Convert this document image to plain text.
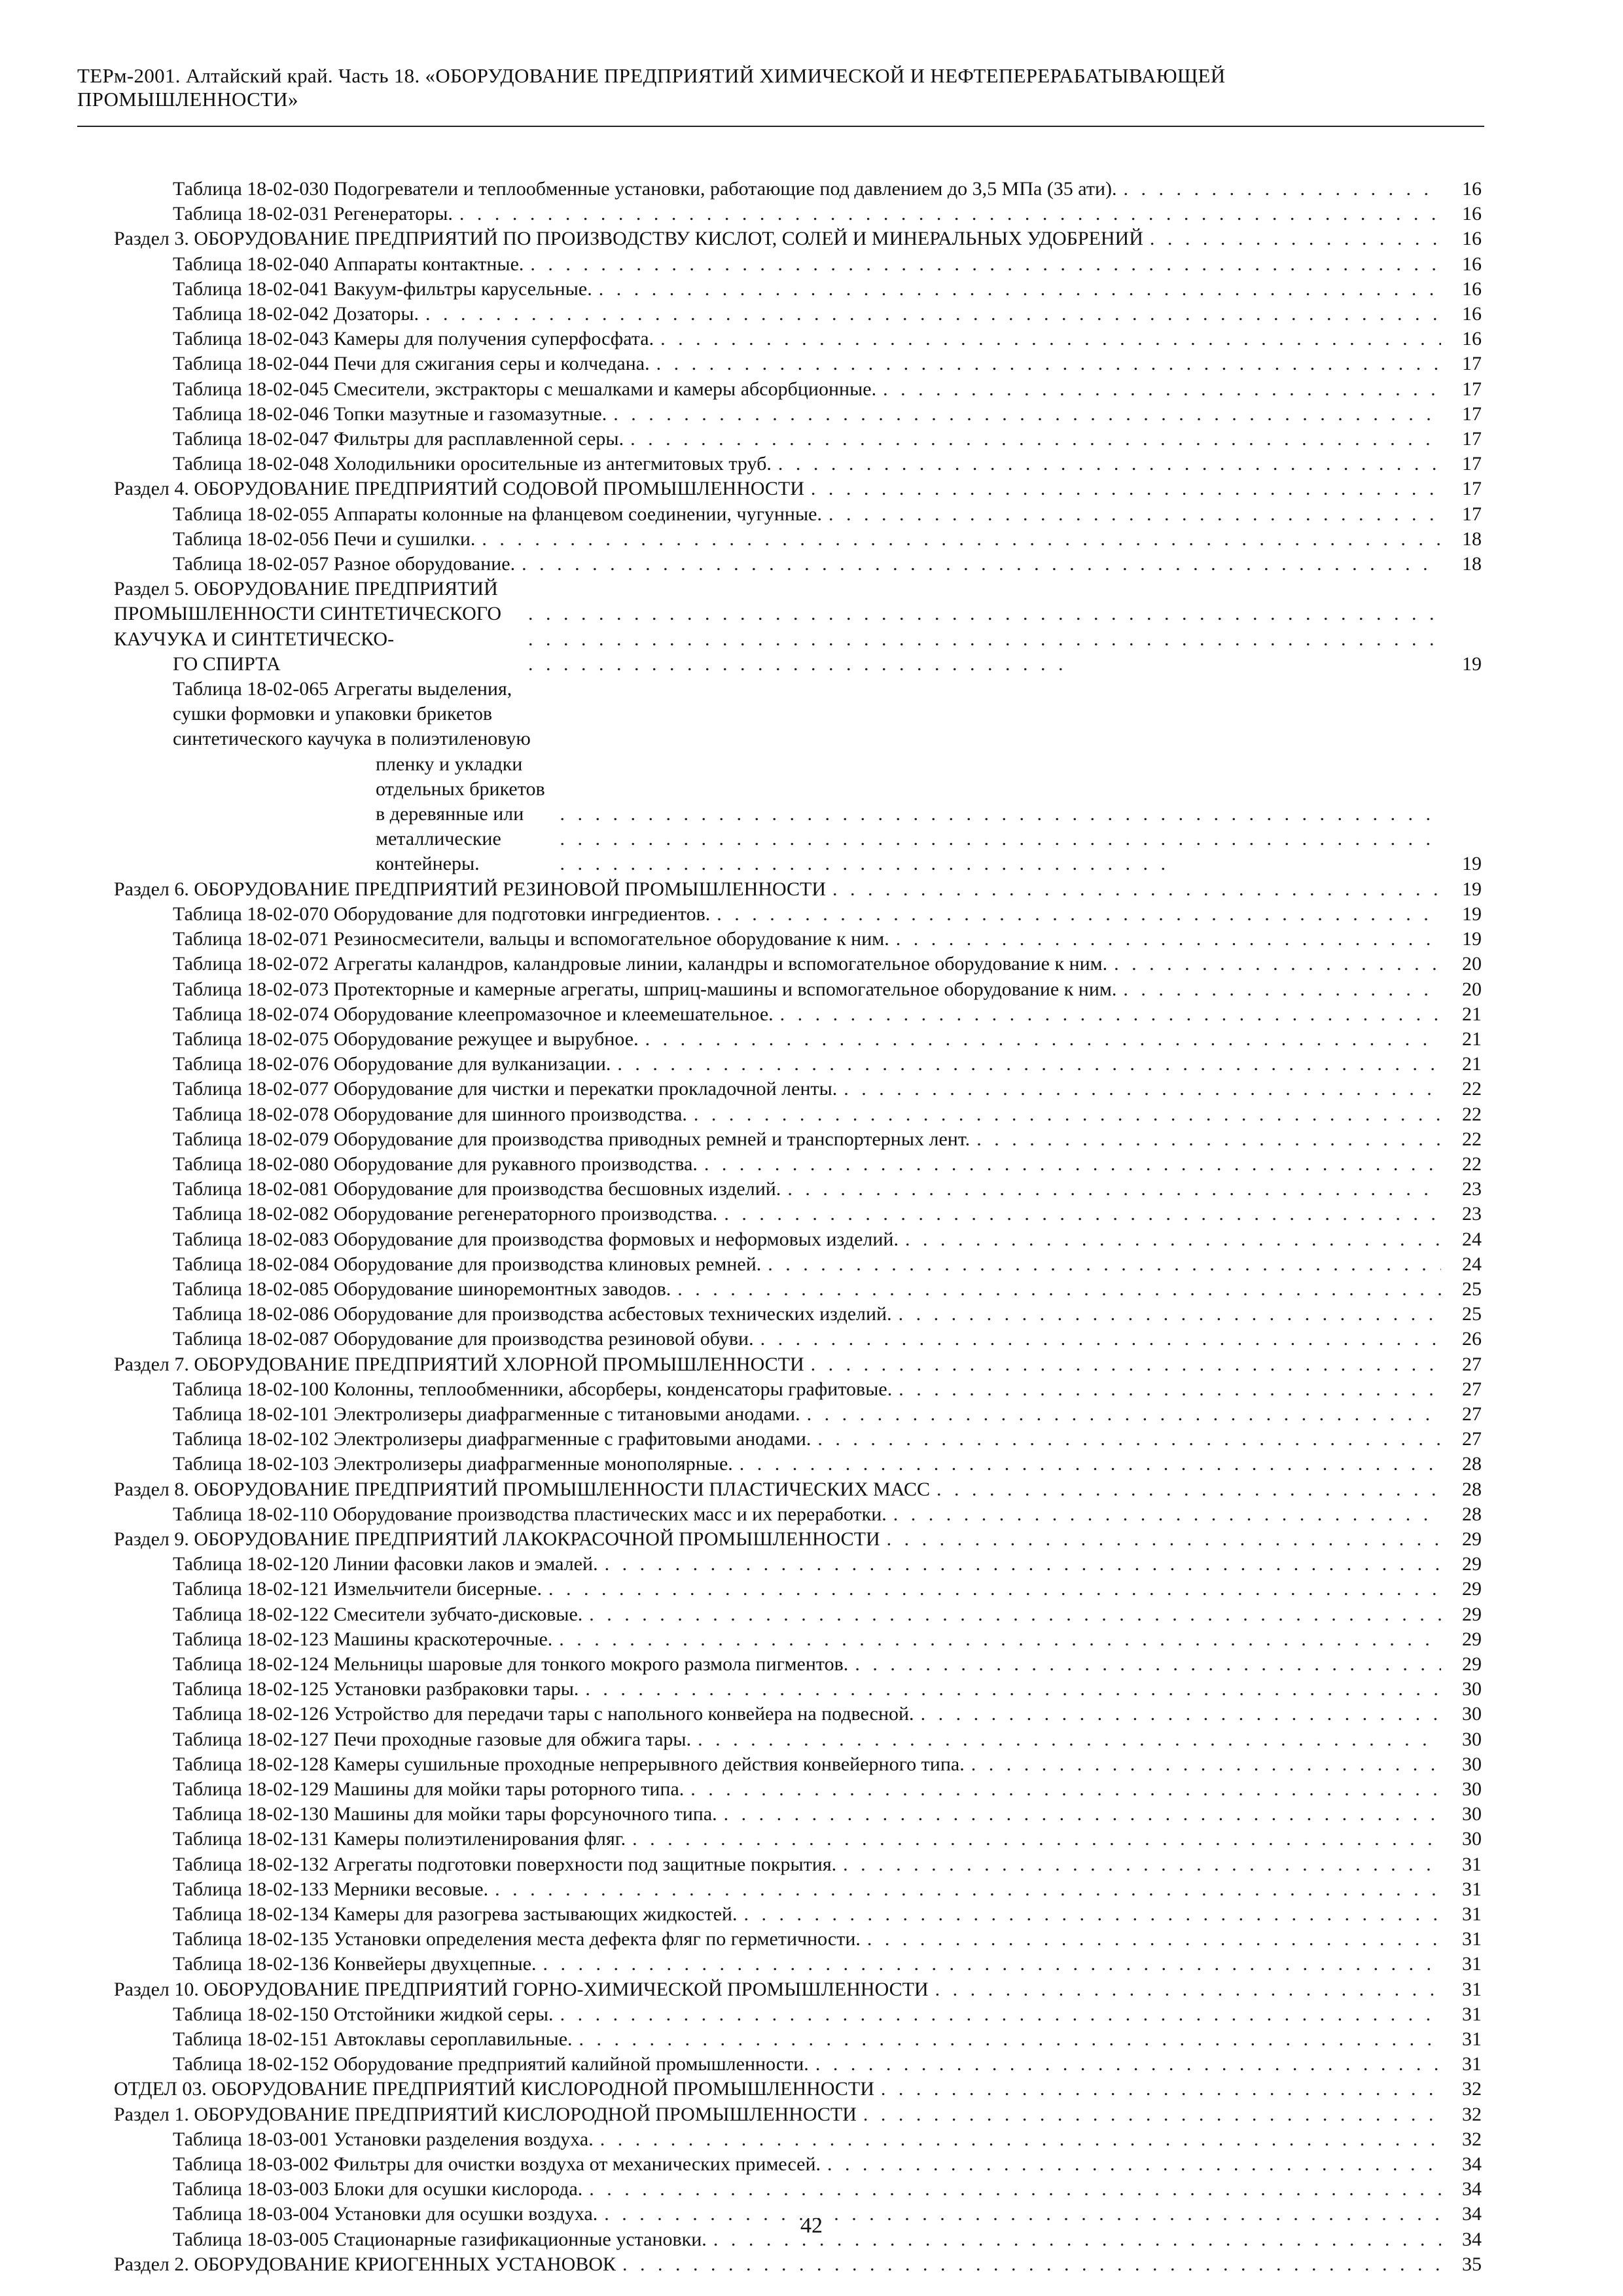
ТЕРм-2001. Алтайский край. Часть 18. «ОБОРУДОВАНИЕ ПРЕДПРИЯТИЙ ХИМИЧЕСКОЙ И НЕФТЕПЕРЕРАБАТЫВАЮЩЕЙ
ПРОМЫШЛЕННОСТИ»
Таблица 18-02-030 Подогреватели и теплообменные установки, работающие под давлением до 3,5 МПа (35 ати). . . .	16
Таблица 18-02-031 Регенераторы. . . .	16
Раздел 3. ОБОРУДОВАНИЕ ПРЕДПРИЯТИЙ ПО ПРОИЗВОДСТВУ КИСЛОТ, СОЛЕЙ И МИНЕРАЛЬНЫХ УДОБРЕНИЙ . . .	16
Таблица 18-02-040 Аппараты контактные. . . .	16
Таблица 18-02-041 Вакуум-фильтры карусельные. . . .	16
Таблица 18-02-042 Дозаторы. . . .	16
Таблица 18-02-043 Камеры для получения суперфосфата. . . .	16
Таблица 18-02-044 Печи для сжигания серы и колчедана. . . .	17
Таблица 18-02-045 Смесители, экстракторы с мешалками и камеры абсорбционные. . . .	17
Таблица 18-02-046 Топки мазутные и газомазутные. . . .	17
Таблица 18-02-047 Фильтры для расплавленной серы. . . .	17
Таблица 18-02-048 Холодильники оросительные из антегмитовых труб. . . .	17
Раздел 4. ОБОРУДОВАНИЕ ПРЕДПРИЯТИЙ СОДОВОЙ ПРОМЫШЛЕННОСТИ . . .	17
Таблица 18-02-055 Аппараты колонные на фланцевом соединении, чугунные. . . .	17
Таблица 18-02-056 Печи и сушилки. . . .	18
Таблица 18-02-057 Разное оборудование. . . .	18
Раздел 5. ОБОРУДОВАНИЕ ПРЕДПРИЯТИЙ ПРОМЫШЛЕННОСТИ СИНТЕТИЧЕСКОГО КАУЧУКА И СИНТЕТИЧЕСКО-
ГО СПИРТА . . .	19
Таблица 18-02-065 Агрегаты выделения, сушки формовки и упаковки брикетов синтетического каучука в полиэтиленовую
пленку и укладки отдельных брикетов в деревянные или металлические контейнеры. . . .	19
Раздел 6. ОБОРУДОВАНИЕ ПРЕДПРИЯТИЙ РЕЗИНОВОЙ ПРОМЫШЛЕННОСТИ . . .	19
Таблица 18-02-070 Оборудование для подготовки ингредиентов. . . .	19
Таблица 18-02-071 Резиносмесители, вальцы и вспомогательное оборудование к ним. . . .	19
Таблица 18-02-072 Агрегаты каландров, каландровые линии, каландры и вспомогательное оборудование к ним. . . .	20
Таблица 18-02-073 Протекторные и камерные агрегаты, шприц-машины и вспомогательное оборудование к ним. . . .	20
Таблица 18-02-074 Оборудование клеепромазочное и клеемешательное. . . .	21
Таблица 18-02-075 Оборудование режущее и вырубное. . . .	21
Таблица 18-02-076 Оборудование для вулканизации. . . .	21
Таблица 18-02-077 Оборудование для чистки и перекатки прокладочной ленты. . . .	22
Таблица 18-02-078 Оборудование для шинного производства. . . .	22
Таблица 18-02-079 Оборудование для производства приводных ремней и транспортерных лент. . . .	22
Таблица 18-02-080 Оборудование для рукавного производства. . . .	22
Таблица 18-02-081 Оборудование для производства бесшовных изделий. . . .	23
Таблица 18-02-082 Оборудование регенераторного производства. . . .	23
Таблица 18-02-083 Оборудование для производства формовых и неформовых изделий. . . .	24
Таблица 18-02-084 Оборудование для производства клиновых ремней. . . .	24
Таблица 18-02-085 Оборудование шиноремонтных заводов. . . .	25
Таблица 18-02-086 Оборудование для производства асбестовых технических изделий. . . .	25
Таблица 18-02-087 Оборудование для производства резиновой обуви. . . .	26
Раздел 7. ОБОРУДОВАНИЕ ПРЕДПРИЯТИЙ ХЛОРНОЙ ПРОМЫШЛЕННОСТИ . . .	27
Таблица 18-02-100 Колонны, теплообменники, абсорберы, конденсаторы графитовые. . . .	27
Таблица 18-02-101 Электролизеры диафрагменные с титановыми анодами. . . .	27
Таблица 18-02-102 Электролизеры диафрагменные с графитовыми анодами. . . .	27
Таблица 18-02-103 Электролизеры диафрагменные монополярные. . . .	28
Раздел 8. ОБОРУДОВАНИЕ ПРЕДПРИЯТИЙ ПРОМЫШЛЕННОСТИ ПЛАСТИЧЕСКИХ МАСС . . .	28
Таблица 18-02-110 Оборудование производства пластических масс и их переработки. . . .	28
Раздел 9. ОБОРУДОВАНИЕ ПРЕДПРИЯТИЙ ЛАКОКРАСОЧНОЙ ПРОМЫШЛЕННОСТИ . . .	29
Таблица 18-02-120 Линии фасовки лаков и эмалей. . . .	29
Таблица 18-02-121 Измельчители бисерные. . . .	29
Таблица 18-02-122 Смесители зубчато-дисковые. . . .	29
Таблица 18-02-123 Машины краскотерочные. . . .	29
Таблица 18-02-124 Мельницы шаровые для тонкого мокрого размола пигментов. . . .	29
Таблица 18-02-125 Установки разбраковки тары. . . .	30
Таблица 18-02-126 Устройство для передачи тары с напольного конвейера на подвесной. . . .	30
Таблица 18-02-127 Печи проходные газовые для обжига тары. . . .	30
Таблица 18-02-128 Камеры сушильные проходные непрерывного действия конвейерного типа. . . .	30
Таблица 18-02-129 Машины для мойки тары роторного типа. . . .	30
Таблица 18-02-130 Машины для мойки тары форсуночного типа. . . .	30
Таблица 18-02-131 Камеры полиэтиленирования фляг. . . .	30
Таблица 18-02-132 Агрегаты подготовки поверхности под защитные покрытия. . . .	31
Таблица 18-02-133 Мерники весовые. . . .	31
Таблица 18-02-134 Камеры для разогрева застывающих жидкостей. . . .	31
Таблица 18-02-135 Установки определения места дефекта фляг по герметичности. . . .	31
Таблица 18-02-136 Конвейеры двухцепные. . . .	31
Раздел 10. ОБОРУДОВАНИЕ ПРЕДПРИЯТИЙ ГОРНО-ХИМИЧЕСКОЙ ПРОМЫШЛЕННОСТИ . . .	31
Таблица 18-02-150 Отстойники жидкой серы. . . .	31
Таблица 18-02-151 Автоклавы сероплавильные. . . .	31
Таблица 18-02-152 Оборудование предприятий калийной промышленности. . . .	31
ОТДЕЛ 03. ОБОРУДОВАНИЕ ПРЕДПРИЯТИЙ КИСЛОРОДНОЙ ПРОМЫШЛЕННОСТИ . . .	32
Раздел 1. ОБОРУДОВАНИЕ ПРЕДПРИЯТИЙ КИСЛОРОДНОЙ ПРОМЫШЛЕННОСТИ . . .	32
Таблица 18-03-001 Установки разделения воздуха. . . .	32
Таблица 18-03-002 Фильтры для очистки воздуха от механических примесей. . . .	34
Таблица 18-03-003 Блоки для осушки кислорода. . . .	34
Таблица 18-03-004 Установки для осушки воздуха. . . .	34
Таблица 18-03-005 Стационарные газификационные установки. . . .	34
Раздел 2. ОБОРУДОВАНИЕ КРИОГЕННЫХ УСТАНОВОК . . .	35
42
